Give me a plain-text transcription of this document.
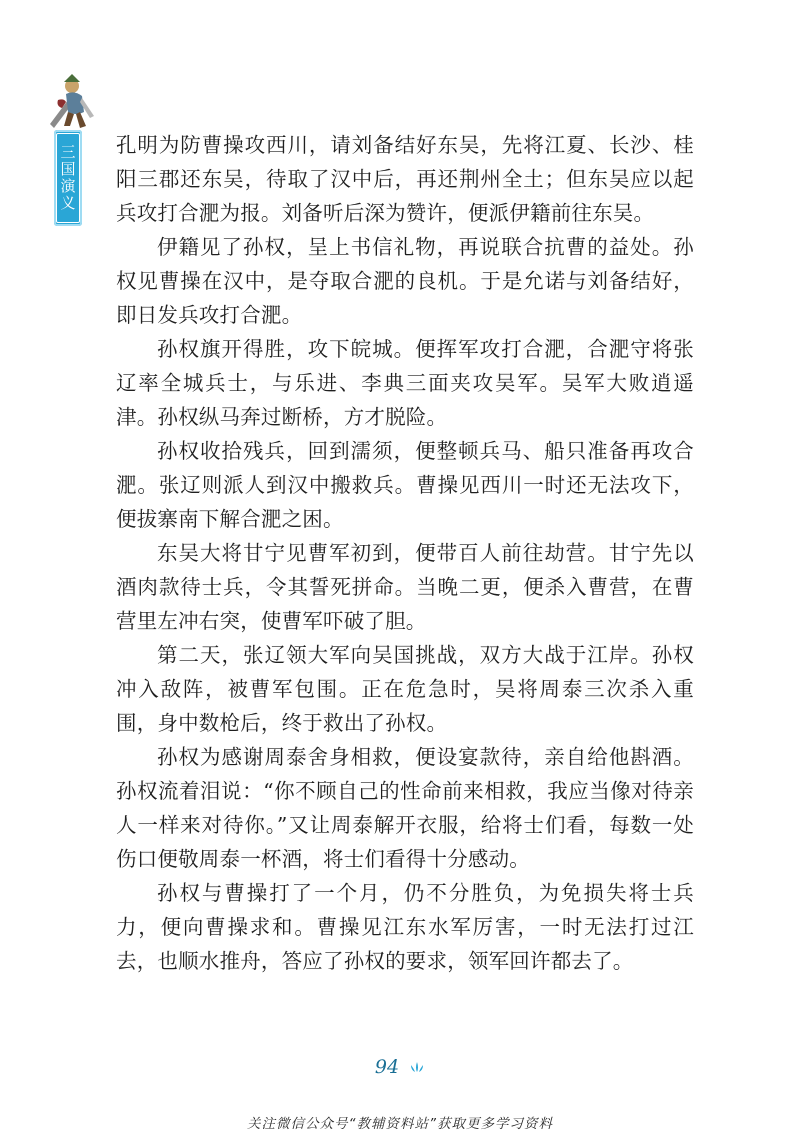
三国演义 孔明为防曹操攻西川，请刘备结好东吴，先将江夏、长沙、桂阳三郡还东吴，待取了汉中后，再还荆州全土；但东吴应以起兵攻打合淝为报。刘备听后深为赞许，便派伊籍前往东吴。

伊籍见了孙权，呈上书信礼物，再说联合抗曹的益处。孙权见曹操在汉中，是夺取合淝的良机。于是允诺与刘备结好，即日发兵攻打合淝。

孙权旗开得胜，攻下皖城。便挥军攻打合淝，合淝守将张辽率全城兵士，与乐进、李典三面夹攻吴军。吴军大败逍遥津。孙权纵马奔过断桥，方才脱险。

孙权收拾残兵，回到濡须，便整顿兵马、船只准备再攻合淝。张辽则派人到汉中搬救兵。曹操见西川一时还无法攻下，便拔寨南下解合淝之困。

东吴大将甘宁见曹军初到，便带百人前往劫营。甘宁先以酒肉款待士兵，令其誓死拼命。当晚二更，便杀入曹营，在曹营里左冲右突，使曹军吓破了胆。

第二天，张辽领大军向吴国挑战，双方大战于江岸。孙权冲入敌阵，被曹军包围。正在危急时，吴将周泰三次杀入重围，身中数枪后，终于救出了孙权。

孙权为感谢周泰舍身相救，便设宴款待，亲自给他斟酒。孙权流着泪说：“你不顾自己的性命前来相救，我应当像对待亲人一样来对待你。”又让周泰解开衣服，给将士们看，每数一处伤口便敬周泰一杯酒，将士们看得十分感动。

孙权与曹操打了一个月，仍不分胜负，为免损失将士兵力，便向曹操求和。曹操见江东水军厉害，一时无法打过江去，也顺水推舟，答应了孙权的要求，领军回许都去了。

94
关注微信公众号“教辅资料站”获取更多学习资料
